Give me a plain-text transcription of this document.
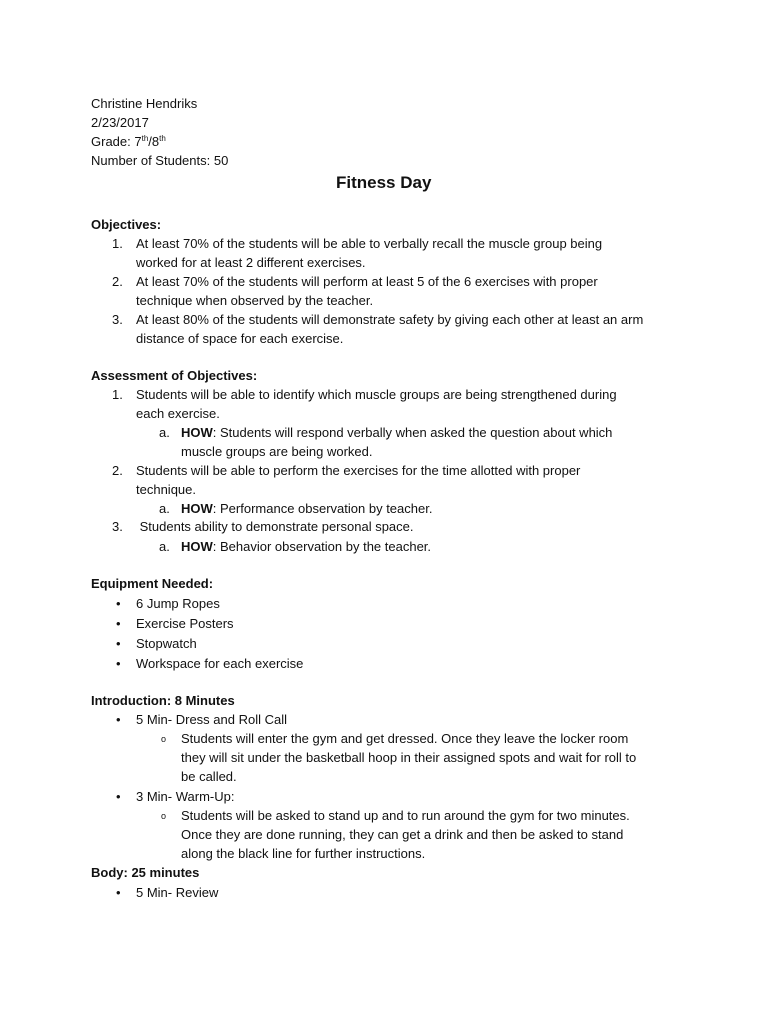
Christine Hendriks
2/23/2017
Grade: 7th/8th
Number of Students: 50
Fitness Day
Objectives:
1. At least 70% of the students will be able to verbally recall the muscle group being
worked for at least 2 different exercises.
2. At least 70% of the students will perform at least 5 of the 6 exercises with proper
technique when observed by the teacher.
3. At least 80% of the students will demonstrate safety by giving each other at least an arm
distance of space for each exercise.
Assessment of Objectives:
1. Students will be able to identify which muscle groups are being strengthened during
each exercise.
a. HOW: Students will respond verbally when asked the question about which
muscle groups are being worked.
2. Students will be able to perform the exercises for the time allotted with proper
technique.
a. HOW: Performance observation by teacher.
3. Students ability to demonstrate personal space.
a. HOW: Behavior observation by the teacher.
Equipment Needed:
• 6 Jump Ropes
• Exercise Posters
• Stopwatch
• Workspace for each exercise
Introduction: 8 Minutes
• 5 Min- Dress and Roll Call
o Students will enter the gym and get dressed. Once they leave the locker room
they will sit under the basketball hoop in their assigned spots and wait for roll to
be called.
• 3 Min- Warm-Up:
o Students will be asked to stand up and to run around the gym for two minutes.
Once they are done running, they can get a drink and then be asked to stand
along the black line for further instructions.
Body: 25 minutes
• 5 Min- Review
